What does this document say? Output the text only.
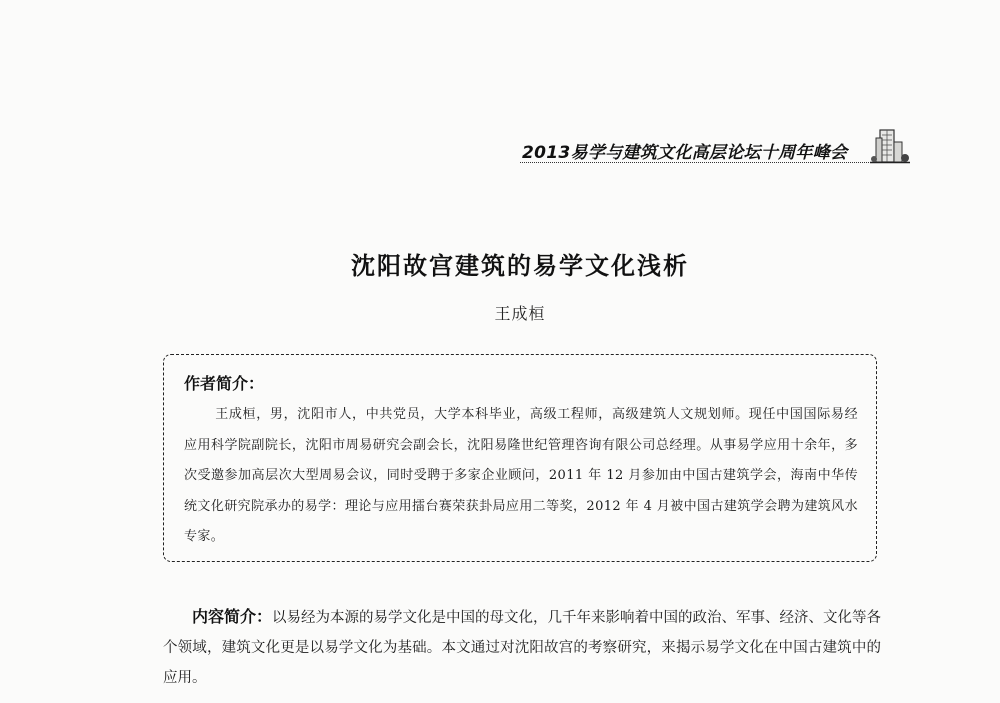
2013易学与建筑文化高层论坛十周年峰会
沈阳故宫建筑的易学文化浅析
王成桓
作者简介：
王成桓，男，沈阳市人，中共党员，大学本科毕业，高级工程师，高级建筑人文规划师。现任中国国际易经应用科学院副院长，沈阳市周易研究会副会长，沈阳易隆世纪管理咨询有限公司总经理。从事易学应用十余年，多次受邀参加高层次大型周易会议，同时受聘于多家企业顾问，2011 年 12 月参加由中国古建筑学会，海南中华传统文化研究院承办的易学：理论与应用擂台赛荣获卦局应用二等奖，2012 年 4 月被中国古建筑学会聘为建筑风水专家。
内容简介：以易经为本源的易学文化是中国的母文化，几千年来影响着中国的政治、军事、经济、文化等各个领域，建筑文化更是以易学文化为基础。本文通过对沈阳故宫的考察研究，来揭示易学文化在中国古建筑中的应用。
